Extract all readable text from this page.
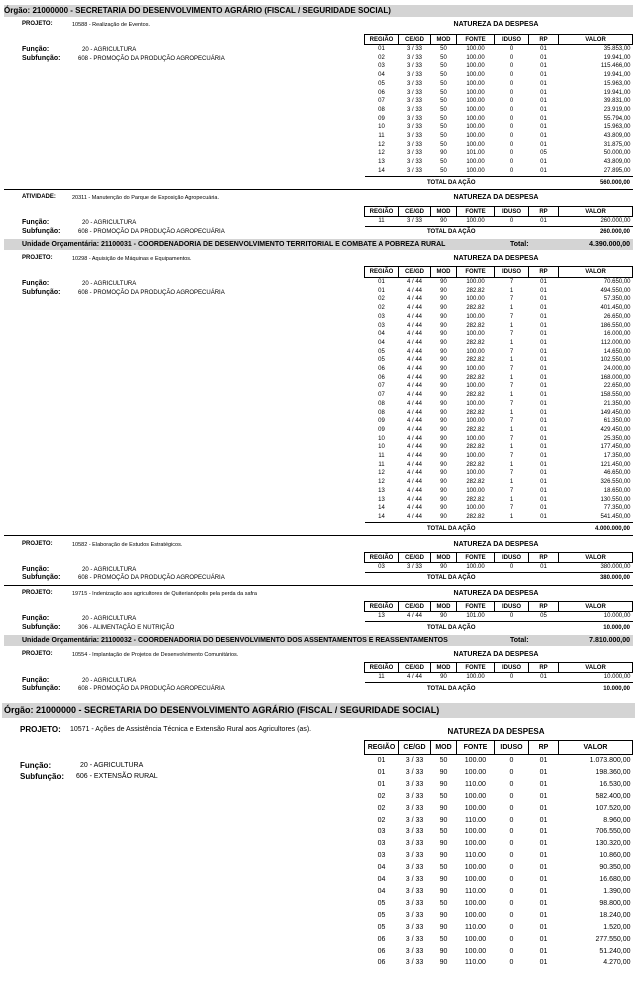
Órgão: 21000000 - SECRETARIA DO DESENVOLVIMENTO AGRÁRIO (FISCAL / SEGURIDADE SOCIAL)
PROJETO:	10588 - Realização de Eventos.	NATUREZA DA DESPESA
Função:	20 - AGRICULTURA
Subfunção:	608 - PROMOÇÃO DA PRODUÇÃO AGROPECUÁRIA
REGIÃO	CE/GD	MOD	FONTE	IDUSO	RP	VALOR
01	3 / 33	50	100.00	0	01	35.853,00
02	3 / 33	50	100.00	0	01	19.941,00
03	3 / 33	50	100.00	0	01	115.466,00
04	3 / 33	50	100.00	0	01	19.941,00
05	3 / 33	50	100.00	0	01	15.963,00
06	3 / 33	50	100.00	0	01	19.941,00
07	3 / 33	50	100.00	0	01	39.831,00
08	3 / 33	50	100.00	0	01	23.919,00
09	3 / 33	50	100.00	0	01	55.794,00
10	3 / 33	50	100.00	0	01	15.963,00
11	3 / 33	50	100.00	0	01	43.809,00
12	3 / 33	50	100.00	0	01	31.875,00
12	3 / 33	90	101.00	0	05	50.000,00
13	3 / 33	50	100.00	0	01	43.809,00
14	3 / 33	50	100.00	0	01	27.895,00
TOTAL DA AÇÃO	560.000,00
ATIVIDADE:	20311 - Manutenção do Parque de Exposição Agropecuária.	NATUREZA DA DESPESA
Função:	20 - AGRICULTURA
Subfunção:	608 - PROMOÇÃO DA PRODUÇÃO AGROPECUÁRIA
REGIÃO	CE/GD	MOD	FONTE	IDUSO	RP	VALOR
11	3 / 33	90	100.00	0	01	260.000,00
TOTAL DA AÇÃO	260.000,00
Unidade Orçamentária: 21100031 - COORDENADORIA DE DESENVOLVIMENTO TERRITORIAL E COMBATE A POBREZA RURAL	Total:	4.390.000,00
PROJETO:	10298 - Aquisição de Máquinas e Equipamentos.	NATUREZA DA DESPESA
Função:	20 - AGRICULTURA
Subfunção:	608 - PROMOÇÃO DA PRODUÇÃO AGROPECUÁRIA
REGIÃO	CE/GD	MOD	FONTE	IDUSO	RP	VALOR
01	4 / 44	90	100.00	7	01	70.650,00
01	4 / 44	90	282.82	1	01	494.550,00
02	4 / 44	90	100.00	7	01	57.350,00
02	4 / 44	90	282.82	1	01	401.450,00
03	4 / 44	90	100.00	7	01	26.650,00
03	4 / 44	90	282.82	1	01	186.550,00
04	4 / 44	90	100.00	7	01	16.000,00
04	4 / 44	90	282.82	1	01	112.000,00
05	4 / 44	90	100.00	7	01	14.650,00
05	4 / 44	90	282.82	1	01	102.550,00
06	4 / 44	90	100.00	7	01	24.000,00
06	4 / 44	90	282.82	1	01	168.000,00
07	4 / 44	90	100.00	7	01	22.650,00
07	4 / 44	90	282.82	1	01	158.550,00
08	4 / 44	90	100.00	7	01	21.350,00
08	4 / 44	90	282.82	1	01	149.450,00
09	4 / 44	90	100.00	7	01	61.350,00
09	4 / 44	90	282.82	1	01	429.450,00
10	4 / 44	90	100.00	7	01	25.350,00
10	4 / 44	90	282.82	1	01	177.450,00
11	4 / 44	90	100.00	7	01	17.350,00
11	4 / 44	90	282.82	1	01	121.450,00
12	4 / 44	90	100.00	7	01	46.650,00
12	4 / 44	90	282.82	1	01	326.550,00
13	4 / 44	90	100.00	7	01	18.650,00
13	4 / 44	90	282.82	1	01	130.550,00
14	4 / 44	90	100.00	7	01	77.350,00
14	4 / 44	90	282.82	1	01	541.450,00
TOTAL DA AÇÃO	4.000.000,00
PROJETO:	10582 - Elaboração de Estudos Estratégicos.	NATUREZA DA DESPESA
Função:	20 - AGRICULTURA
Subfunção:	608 - PROMOÇÃO DA PRODUÇÃO AGROPECUÁRIA
REGIÃO	CE/GD	MOD	FONTE	IDUSO	RP	VALOR
03	3 / 33	90	100.00	0	01	380.000,00
TOTAL DA AÇÃO	380.000,00
PROJETO:	19715 - Indenização aos agricultores de Quiterianópolis pela perda da safra	NATUREZA DA DESPESA
Função:	20 - AGRICULTURA
Subfunção:	306 - ALIMENTAÇÃO E NUTRIÇÃO
REGIÃO	CE/GD	MOD	FONTE	IDUSO	RP	VALOR
13	4 / 44	90	101.00	0	05	10.000,00
TOTAL DA AÇÃO	10.000,00
Unidade Orçamentária: 21100032 - COORDENADORIA DO DESENVOLVIMENTO DOS ASSENTAMENTOS E REASSENTAMENTOS	Total:	7.810.000,00
PROJETO:	10554 - Implantação de Projetos de Desenvolvimento Comunitários.	NATUREZA DA DESPESA
Função:	20 - AGRICULTURA
Subfunção:	608 - PROMOÇÃO DA PRODUÇÃO AGROPECUÁRIA
REGIÃO	CE/GD	MOD	FONTE	IDUSO	RP	VALOR
11	4 / 44	90	100.00	0	01	10.000,00
TOTAL DA AÇÃO	10.000,00
Órgão: 21000000 - SECRETARIA DO DESENVOLVIMENTO AGRÁRIO (FISCAL / SEGURIDADE SOCIAL)
PROJETO: 10571 - Ações de Assistência Técnica e Extensão Rural aos Agricultores (as).	NATUREZA DA DESPESA
Função:	20 - AGRICULTURA
Subfunção: 606 - EXTENSÃO RURAL
REGIÃO	CE/GD	MOD	FONTE	IDUSO	RP	VALOR
01	3 / 33	50	100.00	0	01	1.073.800,00
01	3 / 33	90	100.00	0	01	198.360,00
01	3 / 33	90	110.00	0	01	16.530,00
02	3 / 33	50	100.00	0	01	582.400,00
02	3 / 33	90	100.00	0	01	107.520,00
02	3 / 33	90	110.00	0	01	8.960,00
03	3 / 33	50	100.00	0	01	706.550,00
03	3 / 33	90	100.00	0	01	130.320,00
03	3 / 33	90	110.00	0	01	10.860,00
04	3 / 33	50	100.00	0	01	90.350,00
04	3 / 33	90	100.00	0	01	16.680,00
04	3 / 33	90	110.00	0	01	1.390,00
05	3 / 33	50	100.00	0	01	98.800,00
05	3 / 33	90	100.00	0	01	18.240,00
05	3 / 33	90	110.00	0	01	1.520,00
06	3 / 33	50	100.00	0	01	277.550,00
06	3 / 33	90	100.00	0	01	51.240,00
06	3 / 33	90	110.00	0	01	4.270,00
